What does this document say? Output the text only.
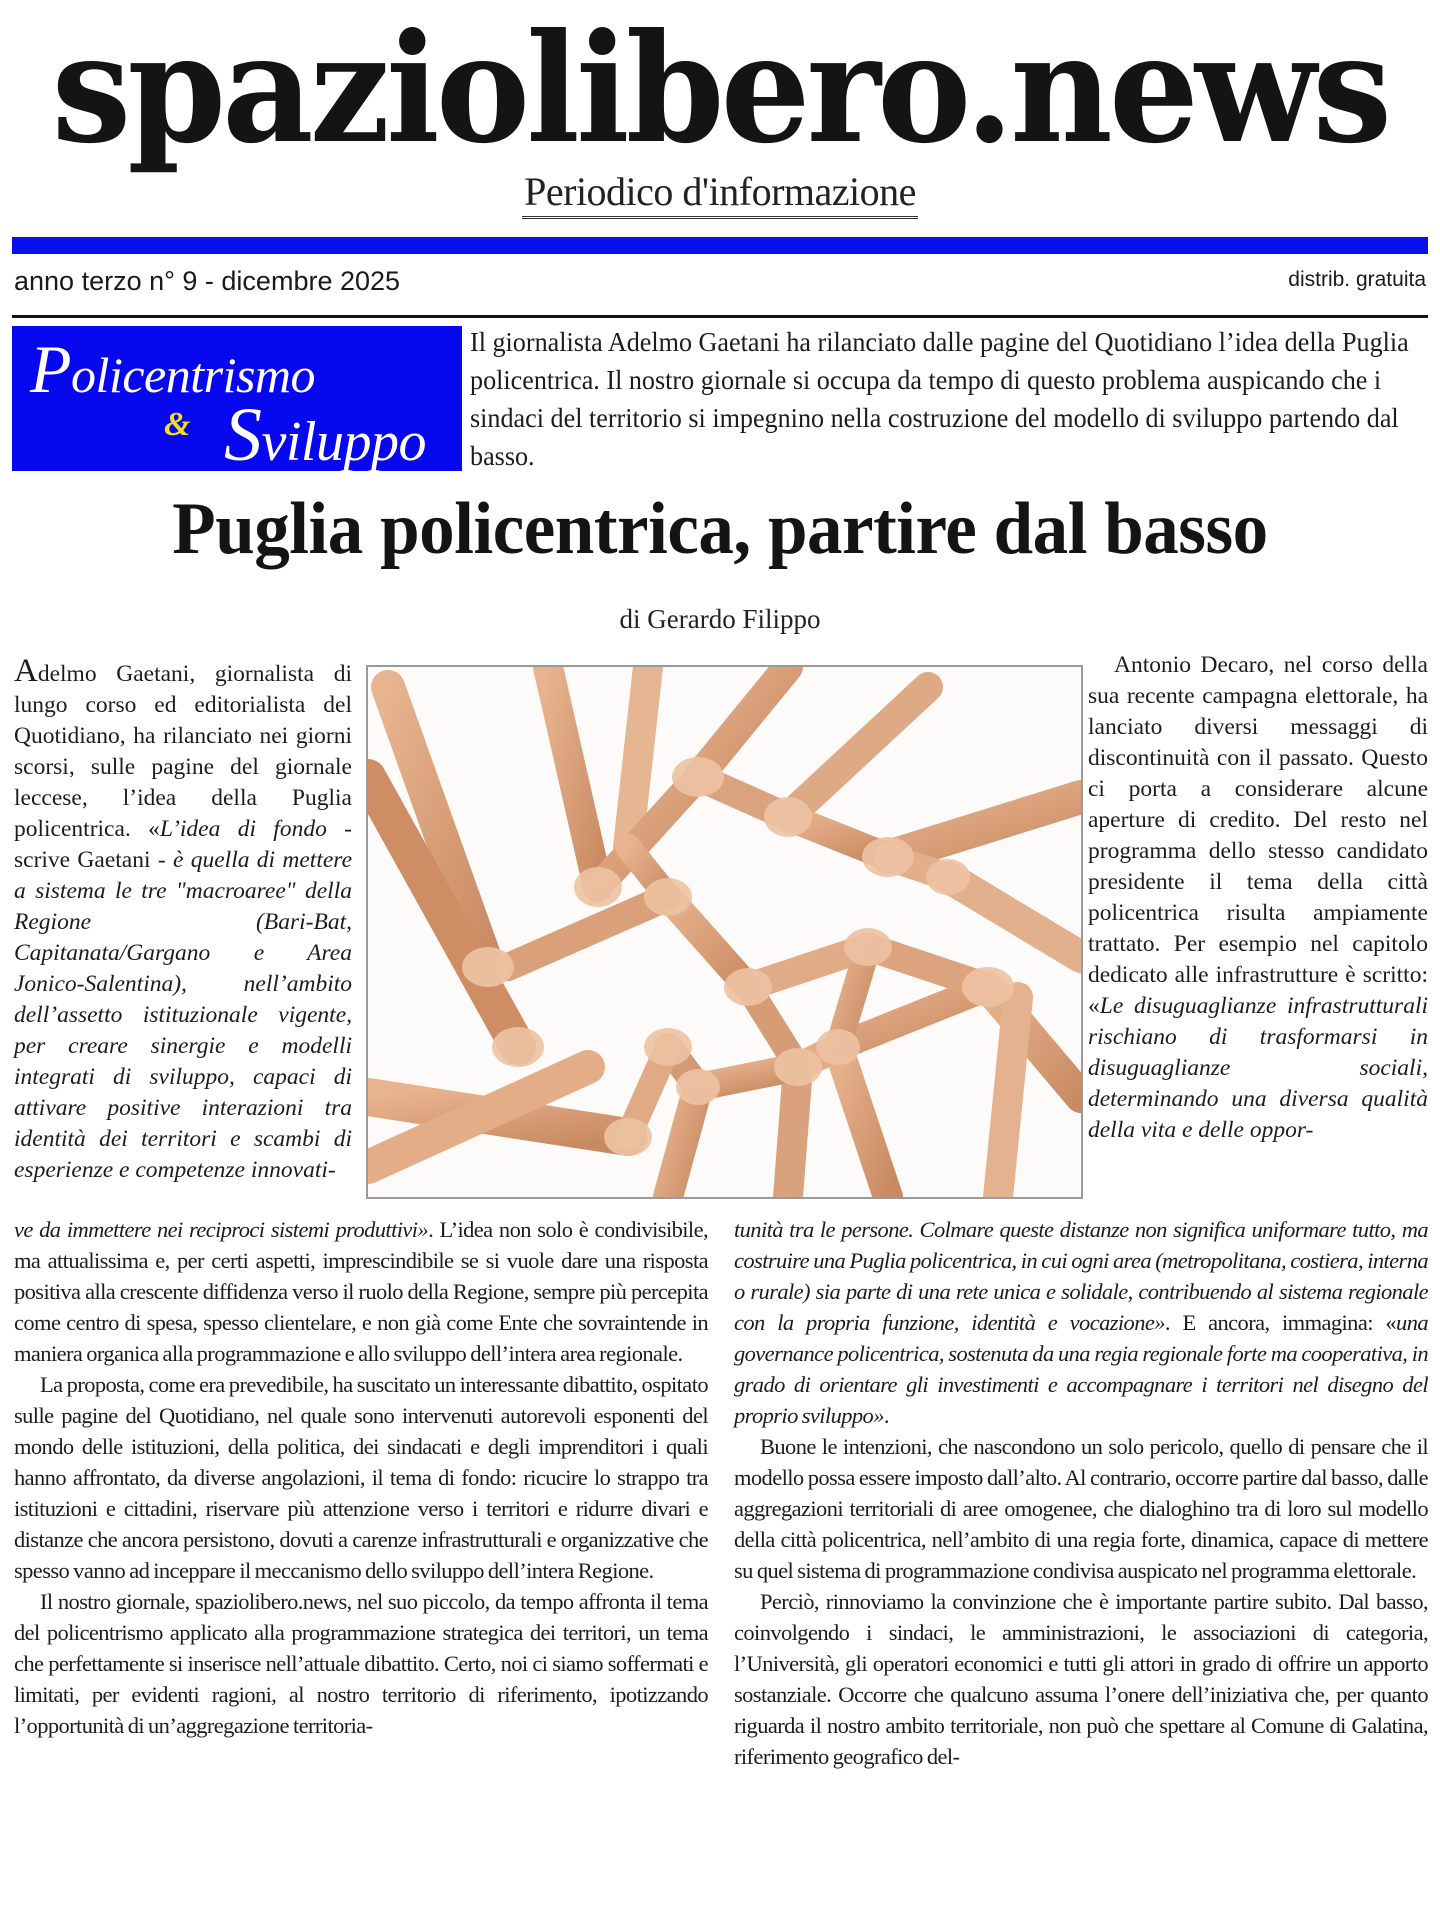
spaziolibero.news
Periodico d'informazione
anno terzo n° 9 - dicembre 2025	distrib. gratuita
Policentrismo
& Sviluppo
Il giornalista Adelmo Gaetani ha rilanciato dalle pagine del Quotidiano l’idea della Puglia policentrica. Il nostro giornale si occupa da tempo di questo problema auspicando che i sindaci del territorio si impegnino nella costruzione del modello di sviluppo partendo dal basso.
Puglia policentrica, partire dal basso
di Gerardo Filippo

Adelmo Gaetani, giornalista di lungo corso ed editorialista del Quotidiano, ha rilanciato nei giorni scorsi, sulle pagine del giornale leccese, l’idea della Puglia policentrica. «L’idea di fondo - scrive Gaetani - è quella di mettere a sistema le tre "macroaree" della Regione (Bari-Bat, Capitanata/Gargano e Area Jonico-Salentina), nell’ambito dell’assetto istituzionale vigente, per creare sinergie e modelli integrati di sviluppo, capaci di attivare positive interazioni tra identità dei territori e scambi di esperienze e competenze innovati-

Antonio Decaro, nel corso della sua recente campagna elettorale, ha lanciato diversi messaggi di discontinuità con il passato. Questo ci porta a considerare alcune aperture di credito. Del resto nel programma dello stesso candidato presidente il tema della città policentrica risulta ampiamente trattato. Per esempio nel capitolo dedicato alle infrastrutture è scritto: «Le disuguaglianze infrastrutturali rischiano di trasformarsi in disuguaglianze sociali, determinando una diversa qualità della vita e delle oppor-

ve da immettere nei reciproci sistemi produttivi». L’idea non solo è condivisibile, ma attualissima e, per certi aspetti, imprescindibile se si vuole dare una risposta positiva alla crescente diffidenza verso il ruolo della Regione, sempre più percepita come centro di spesa, spesso clientelare, e non già come Ente che sovraintende in maniera organica alla programmazione e allo sviluppo dell’intera area regionale.

La proposta, come era prevedibile, ha suscitato un interessante dibattito, ospitato sulle pagine del Quotidiano, nel quale sono intervenuti autorevoli esponenti del mondo delle istituzioni, della politica, dei sindacati e degli imprenditori i quali hanno affrontato, da diverse angolazioni, il tema di fondo: ricucire lo strappo tra istituzioni e cittadini, riservare più attenzione verso i territori e ridurre divari e distanze che ancora persistono, dovuti a carenze infrastrutturali e organizzative che spesso vanno ad inceppare il meccanismo dello sviluppo dell’intera Regione.

Il nostro giornale, spaziolibero.news, nel suo piccolo, da tempo affronta il tema del policentrismo applicato alla programmazione strategica dei territori, un tema che perfettamente si inserisce nell’attuale dibattito. Certo, noi ci siamo soffermati e limitati, per evidenti ragioni, al nostro territorio di riferimento, ipotizzando l’opportunità di un’aggregazione territoria-

tunità tra le persone. Colmare queste distanze non significa uniformare tutto, ma costruire una Puglia policentrica, in cui ogni area (metropolitana, costiera, interna o rurale) sia parte di una rete unica e solidale, contribuendo al sistema regionale con la propria funzione, identità e vocazione». E ancora, immagina: «una governance policentrica, sostenuta da una regia regionale forte ma cooperativa, in grado di orientare gli investimenti e accompagnare i territori nel disegno del proprio sviluppo».

Buone le intenzioni, che nascondono un solo pericolo, quello di pensare che il modello possa essere imposto dall’alto. Al contrario, occorre partire dal basso, dalle aggregazioni territoriali di aree omogenee, che dialoghino tra di loro sul modello della città policentrica, nell’ambito di una regia forte, dinamica, capace di mettere su quel sistema di programmazione condivisa auspicato nel programma elettorale.

Perciò, rinnoviamo la convinzione che è importante partire subito. Dal basso, coinvolgendo i sindaci, le amministrazioni, le associazioni di categoria, l’Università, gli operatori economici e tutti gli attori in grado di offrire un apporto sostanziale. Occorre che qualcuno assuma l’onere dell’iniziativa che, per quanto riguarda il nostro ambito territoriale, non può che spettare al Comune di Galatina, riferimento geografico del-
